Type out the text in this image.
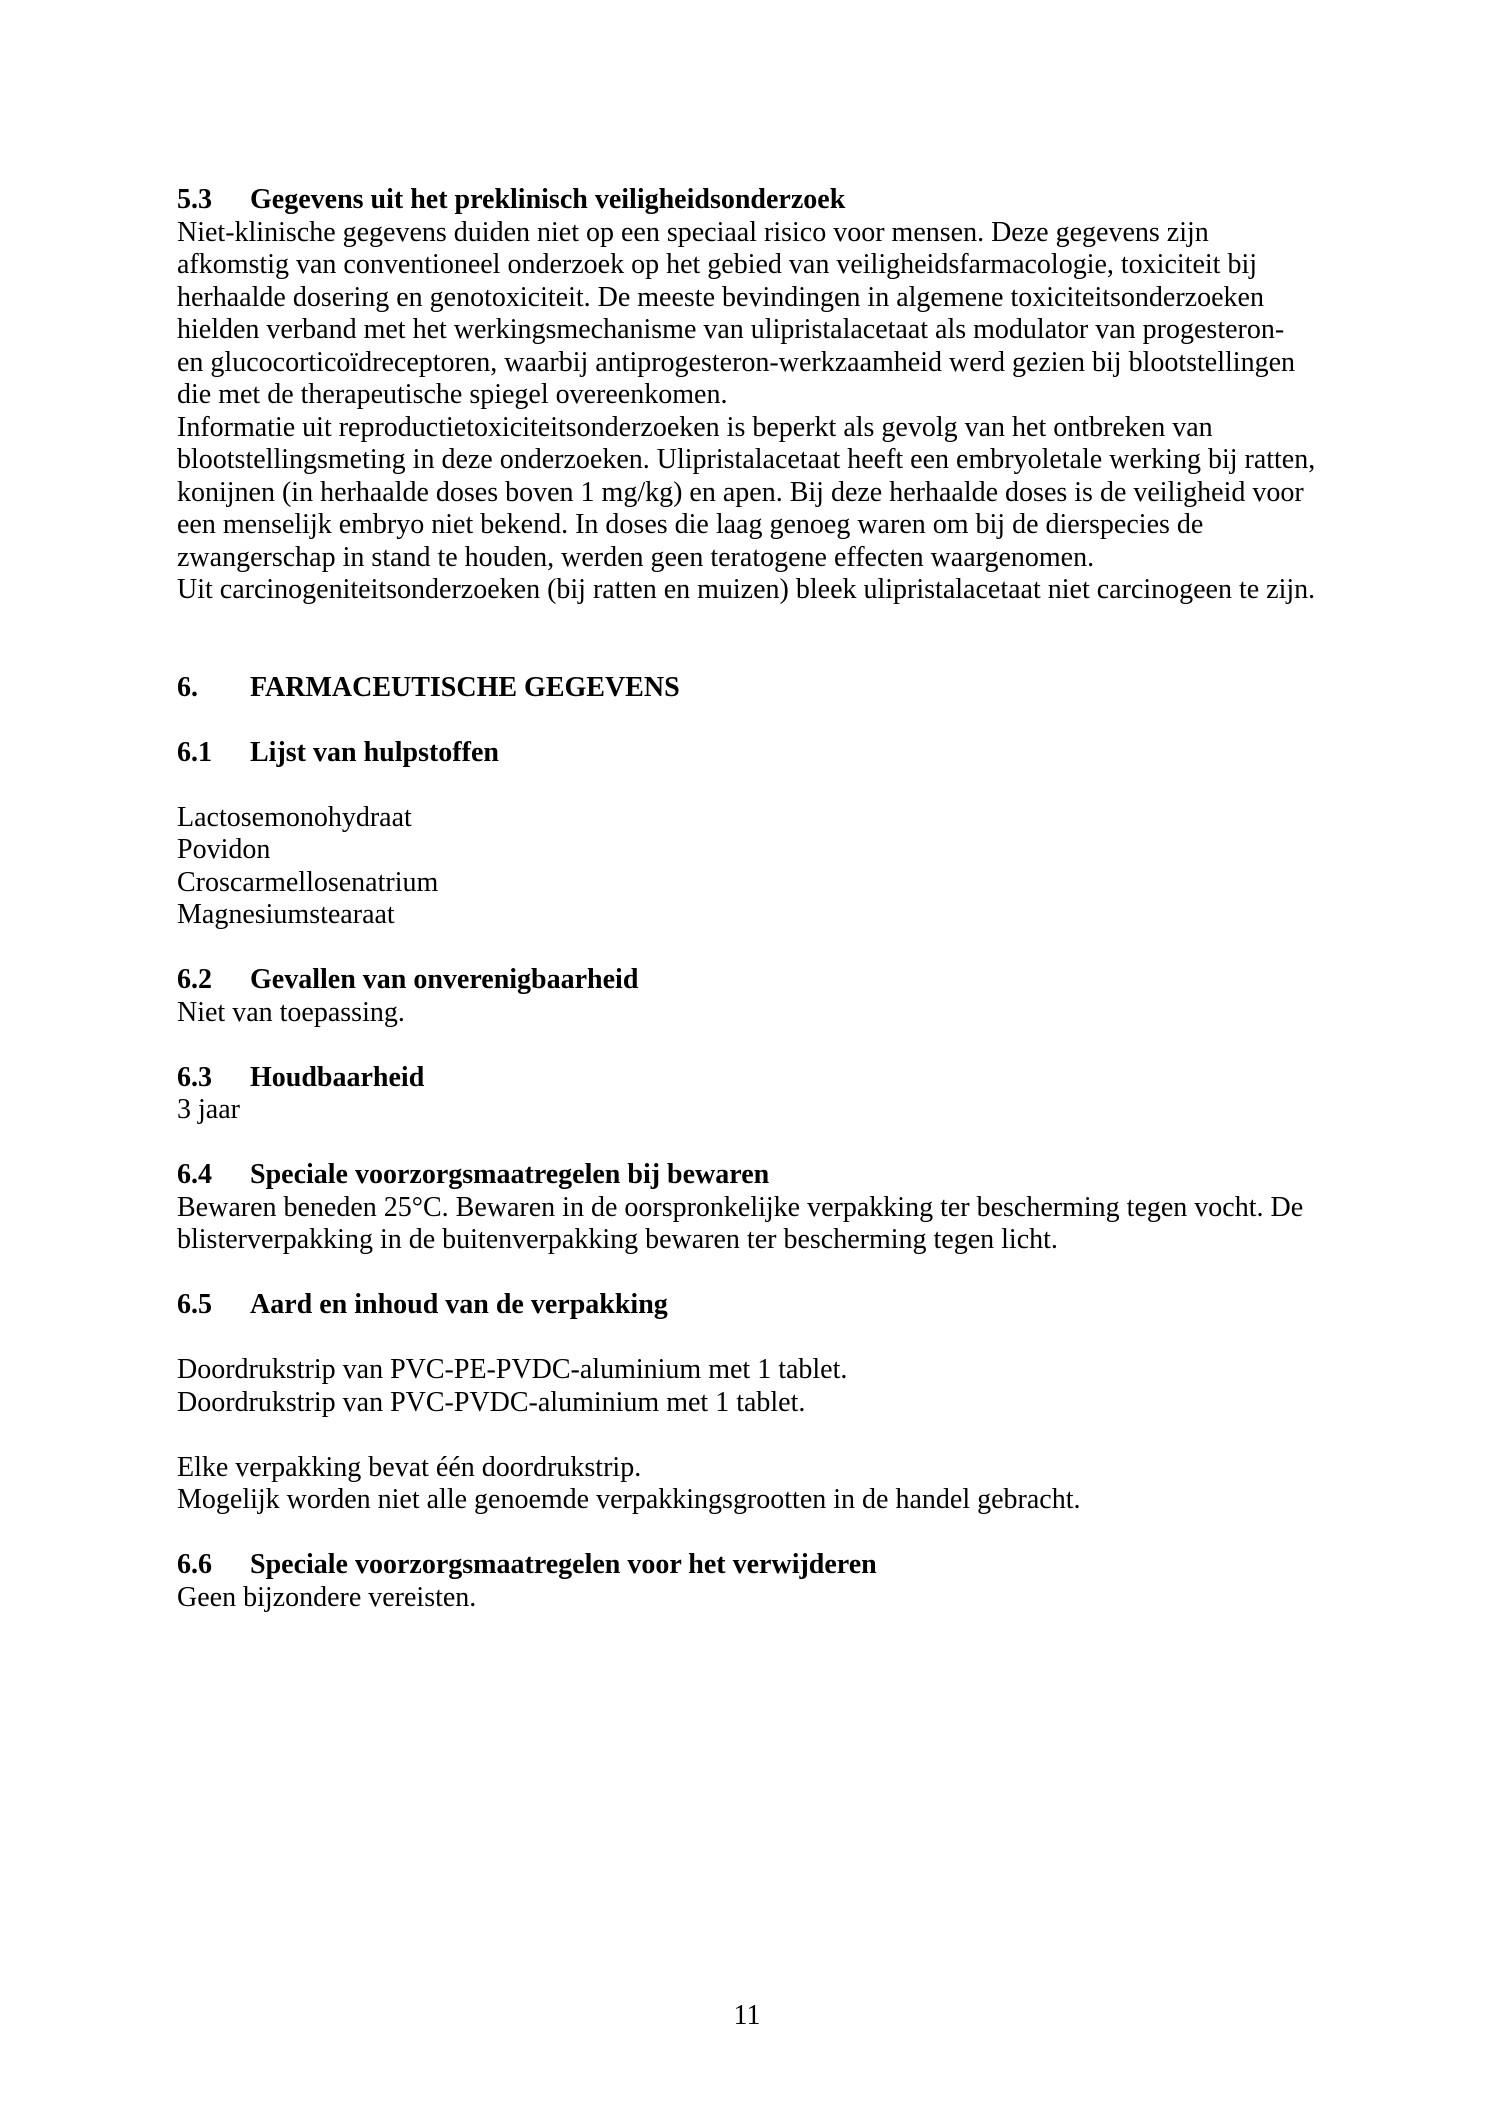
5.3	Gegevens uit het preklinisch veiligheidsonderzoek

Niet-klinische gegevens duiden niet op een speciaal risico voor mensen. Deze gegevens zijn afkomstig van conventioneel onderzoek op het gebied van veiligheidsfarmacologie, toxiciteit bij herhaalde dosering en genotoxiciteit. De meeste bevindingen in algemene toxiciteitsonderzoeken hielden verband met het werkingsmechanisme van ulipristalacetaat als modulator van progesteron- en glucocorticoïdreceptoren, waarbij antiprogesteron-werkzaamheid werd gezien bij blootstellingen die met de therapeutische spiegel overeenkomen.

Informatie uit reproductietoxiciteitsonderzoeken is beperkt als gevolg van het ontbreken van blootstellingsmeting in deze onderzoeken. Ulipristalacetaat heeft een embryoletale werking bij ratten, konijnen (in herhaalde doses boven 1 mg/kg) en apen. Bij deze herhaalde doses is de veiligheid voor een menselijk embryo niet bekend. In doses die laag genoeg waren om bij de dierspecies de zwangerschap in stand te houden, werden geen teratogene effecten waargenomen.

Uit carcinogeniteitsonderzoeken (bij ratten en muizen) bleek ulipristalacetaat niet carcinogeen te zijn.

6.	FARMACEUTISCHE GEGEVENS
6.1	Lijst van hulpstoffen
Lactosemonohydraat
Povidon
Croscarmellosenatrium
Magnesiumstearaat
6.2	Gevallen van onverenigbaarheid

Niet van toepassing.

6.3	Houdbaarheid

3 jaar

6.4	Speciale voorzorgsmaatregelen bij bewaren

Bewaren beneden 25°C. Bewaren in de oorspronkelijke verpakking ter bescherming tegen vocht. De blisterverpakking in de buitenverpakking bewaren ter bescherming tegen licht.

6.5	Aard en inhoud van de verpakking
Doordrukstrip van PVC-PE-PVDC-aluminium met 1 tablet.
Doordrukstrip van PVC-PVDC-aluminium met 1 tablet.
Elke verpakking bevat één doordrukstrip.
Mogelijk worden niet alle genoemde verpakkingsgrootten in de handel gebracht.
6.6	Speciale voorzorgsmaatregelen voor het verwijderen

Geen bijzondere vereisten.

11
